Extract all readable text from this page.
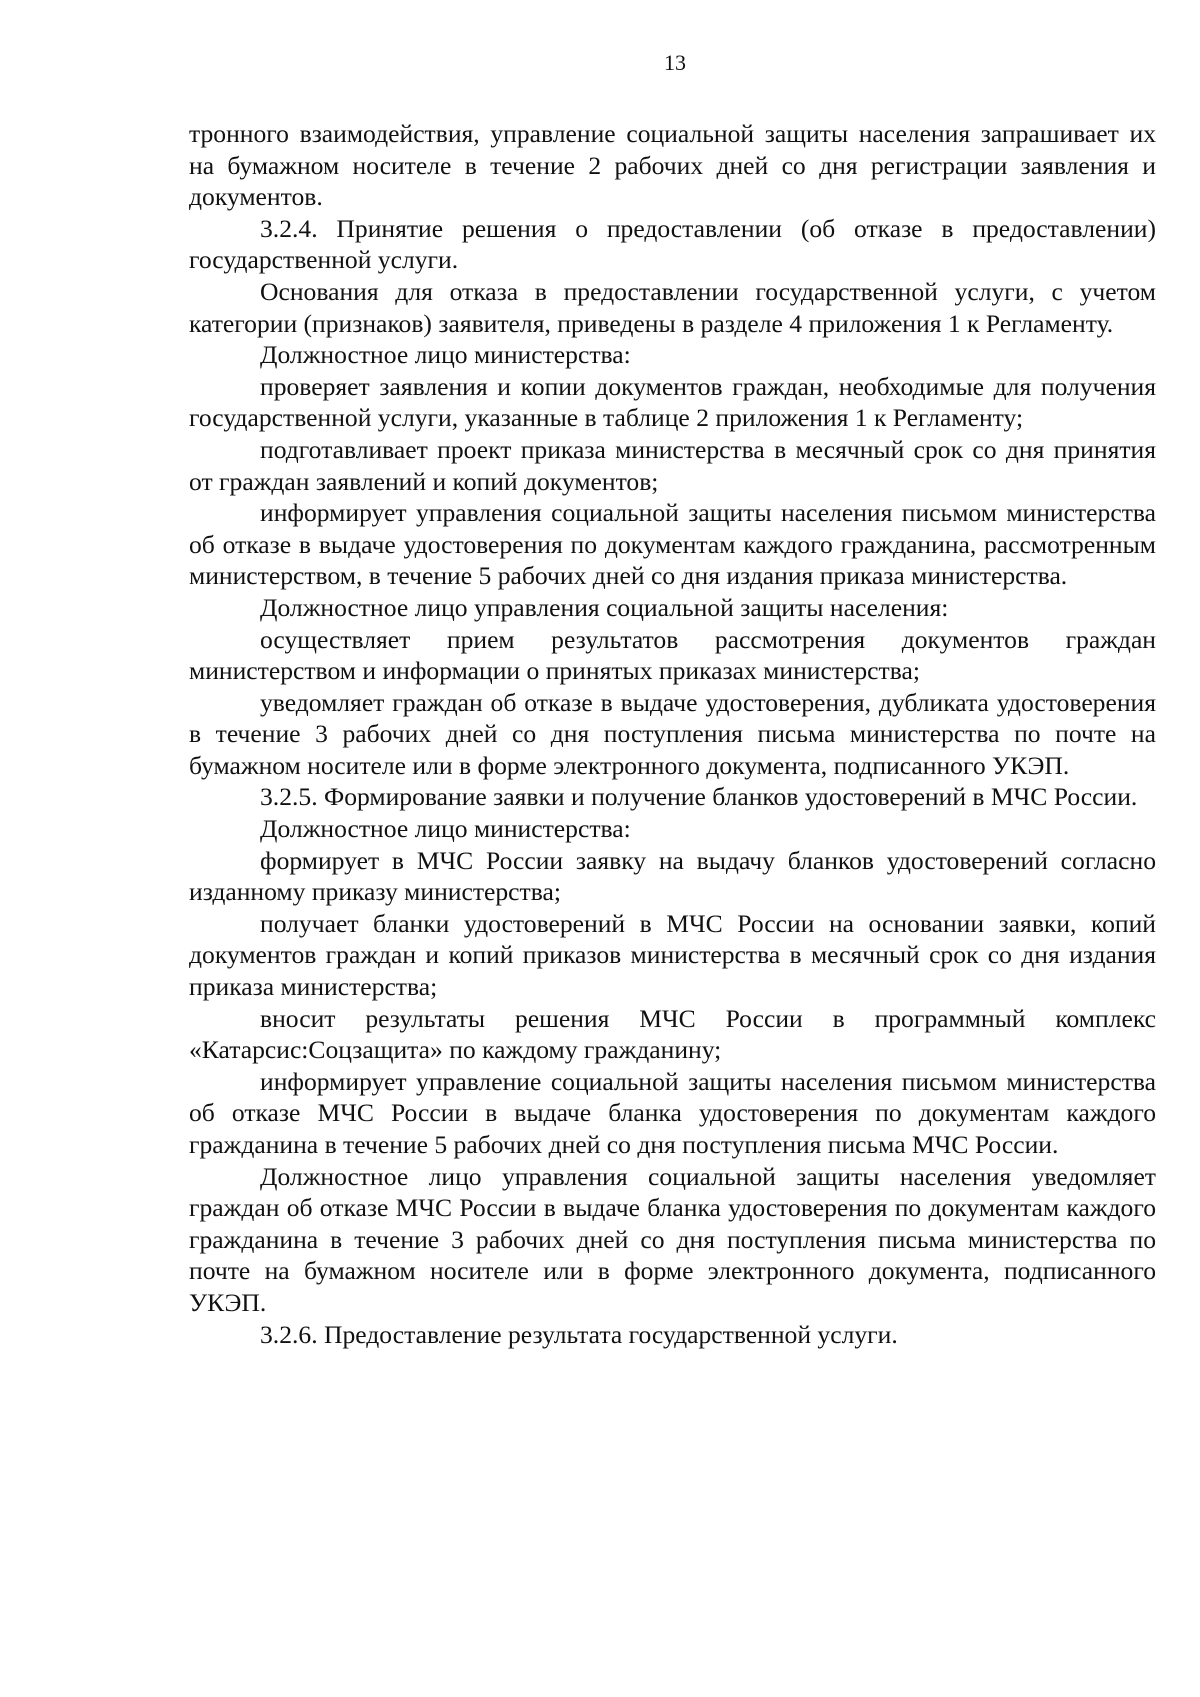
13

тронного взаимодействия, управление социальной защиты населения запрашивает их на бумажном носителе в течение 2 рабочих дней со дня регистрации заявления и документов.

3.2.4. Принятие решения о предоставлении (об отказе в предоставлении) государственной услуги.

Основания для отказа в предоставлении государственной услуги, с учетом категории (признаков) заявителя, приведены в разделе 4 приложения 1 к Регламенту.

Должностное лицо министерства:

проверяет заявления и копии документов граждан, необходимые для получения государственной услуги, указанные в таблице 2 приложения 1 к Регламенту;

подготавливает проект приказа министерства в месячный срок со дня принятия от граждан заявлений и копий документов;

информирует управления социальной защиты населения письмом министерства об отказе в выдаче удостоверения по документам каждого гражданина, рассмотренным министерством, в течение 5 рабочих дней со дня издания приказа министерства.

Должностное лицо управления социальной защиты населения:

осуществляет прием результатов рассмотрения документов граждан министерством и информации о принятых приказах министерства;

уведомляет граждан об отказе в выдаче удостоверения, дубликата удостоверения в течение 3 рабочих дней со дня поступления письма министерства по почте на бумажном носителе или в форме электронного документа, подписанного УКЭП.

3.2.5. Формирование заявки и получение бланков удостоверений в МЧС России.

Должностное лицо министерства:

формирует в МЧС России заявку на выдачу бланков удостоверений согласно изданному приказу министерства;

получает бланки удостоверений в МЧС России на основании заявки, копий документов граждан и копий приказов министерства в месячный срок со дня издания приказа министерства;

вносит результаты решения МЧС России в программный комплекс «Катарсис:Соцзащита» по каждому гражданину;

информирует управление социальной защиты населения письмом министерства об отказе МЧС России в выдаче бланка удостоверения по документам каждого гражданина в течение 5 рабочих дней со дня поступления письма МЧС России.

Должностное лицо управления социальной защиты населения уведомляет граждан об отказе МЧС России в выдаче бланка удостоверения по документам каждого гражданина в течение 3 рабочих дней со дня поступления письма министерства по почте на бумажном носителе или в форме электронного документа, подписанного УКЭП.

3.2.6. Предоставление результата государственной услуги.
